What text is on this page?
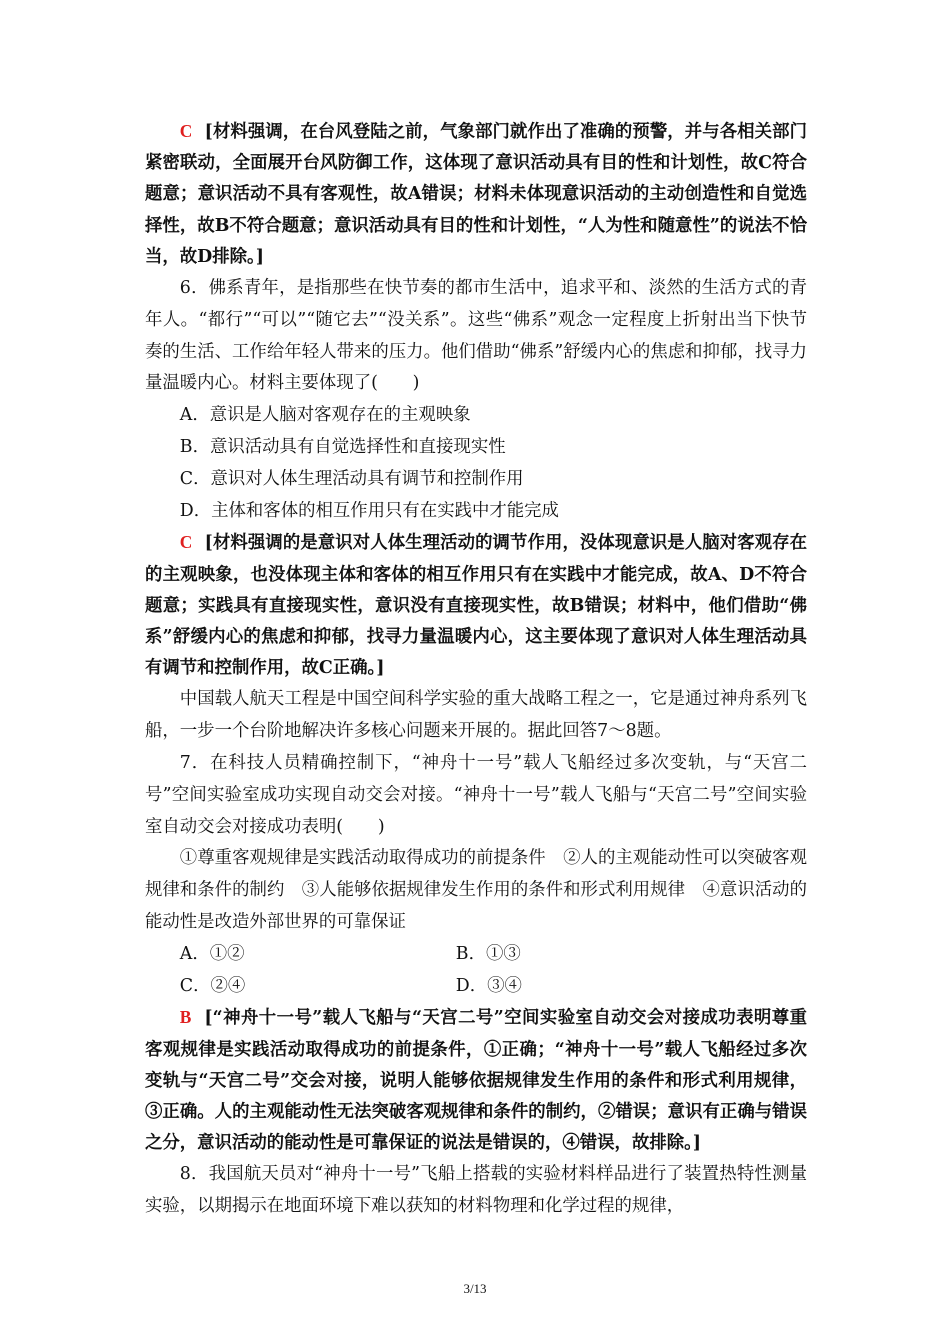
C [材料强调，在台风登陆之前，气象部门就作出了准确的预警，并与各相关部门紧密联动，全面展开台风防御工作，这体现了意识活动具有目的性和计划性，故C符合题意；意识活动不具有客观性，故A错误；材料未体现意识活动的主动创造性和自觉选择性，故B不符合题意；意识活动具有目的性和计划性，“人为性和随意性”的说法不恰当，故D排除。]

6．佛系青年，是指那些在快节奏的都市生活中，追求平和、淡然的生活方式的青年人。“都行”“可以”“随它去”“没关系”。这些“佛系”观念一定程度上折射出当下快节奏的生活、工作给年轻人带来的压力。他们借助“佛系”舒缓内心的焦虑和抑郁，找寻力量温暖内心。材料主要体现了(　　)

A．意识是人脑对客观存在的主观映象

B．意识活动具有自觉选择性和直接现实性

C．意识对人体生理活动具有调节和控制作用

D．主体和客体的相互作用只有在实践中才能完成

C [材料强调的是意识对人体生理活动的调节作用，没体现意识是人脑对客观存在的主观映象，也没体现主体和客体的相互作用只有在实践中才能完成，故A、D不符合题意；实践具有直接现实性，意识没有直接现实性，故B错误；材料中，他们借助“佛系”舒缓内心的焦虑和抑郁，找寻力量温暖内心，这主要体现了意识对人体生理活动具有调节和控制作用，故C正确。]

中国载人航天工程是中国空间科学实验的重大战略工程之一，它是通过神舟系列飞船，一步一个台阶地解决许多核心问题来开展的。据此回答7～8题。

7．在科技人员精确控制下，“神舟十一号”载人飞船经过多次变轨，与“天宫二号”空间实验室成功实现自动交会对接。“神舟十一号”载人飞船与“天宫二号”空间实验室自动交会对接成功表明(　　)

①尊重客观规律是实践活动取得成功的前提条件　②人的主观能动性可以突破客观规律和条件的制约　③人能够依据规律发生作用的条件和形式利用规律　④意识活动的能动性是改造外部世界的可靠保证

A．①②	B．①③
C．②④	D．③④

B [“神舟十一号”载人飞船与“天宫二号”空间实验室自动交会对接成功表明尊重客观规律是实践活动取得成功的前提条件，①正确；“神舟十一号”载人飞船经过多次变轨与“天宫二号”交会对接，说明人能够依据规律发生作用的条件和形式利用规律，③正确。人的主观能动性无法突破客观规律和条件的制约，②错误；意识有正确与错误之分，意识活动的能动性是可靠保证的说法是错误的，④错误，故排除。]

8．我国航天员对“神舟十一号”飞船上搭载的实验材料样品进行了装置热特性测量实验，以期揭示在地面环境下难以获知的材料物理和化学过程的规律，

3/13
